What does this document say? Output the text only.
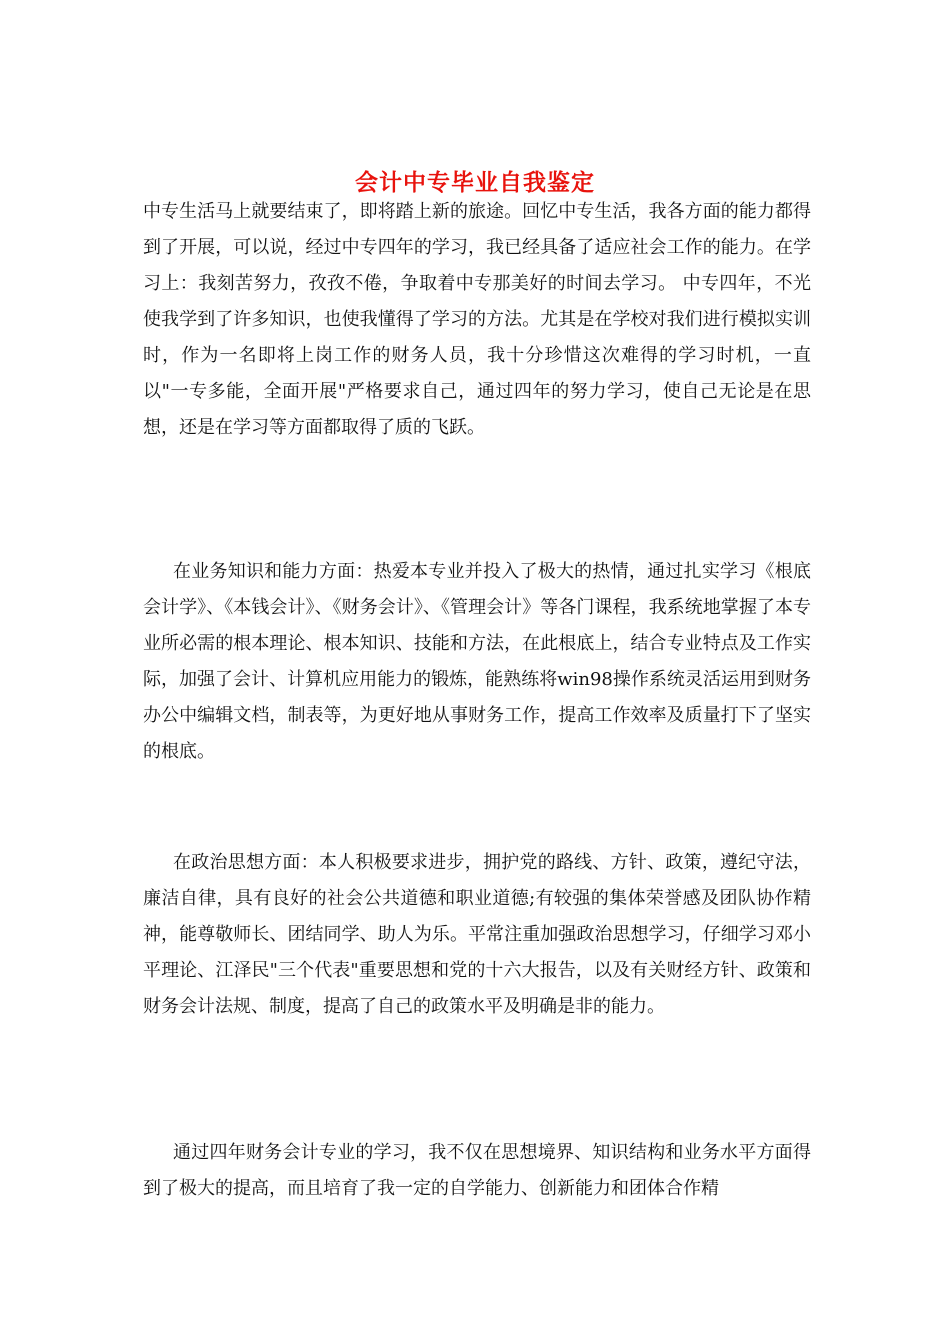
会计中专毕业自我鉴定

中专生活马上就要结束了，即将踏上新的旅途。回忆中专生活，我各方面的能力都得到了开展，可以说，经过中专四年的学习，我已经具备了适应社会工作的能力。在学习上：我刻苦努力，孜孜不倦，争取着中专那美好的时间去学习。 中专四年，不光使我学到了许多知识，也使我懂得了学习的方法。尤其是在学校对我们进行模拟实训时，作为一名即将上岗工作的财务人员，我十分珍惜这次难得的学习时机，一直以"一专多能，全面开展"严格要求自己，通过四年的努力学习，使自己无论是在思想，还是在学习等方面都取得了质的飞跃。

在业务知识和能力方面：热爱本专业并投入了极大的热情，通过扎实学习《根底会计学》、《本钱会计》、《财务会计》、《管理会计》等各门课程，我系统地掌握了本专业所必需的根本理论、根本知识、技能和方法，在此根底上，结合专业特点及工作实际，加强了会计、计算机应用能力的锻炼，能熟练将win98操作系统灵活运用到财务办公中编辑文档，制表等，为更好地从事财务工作，提高工作效率及质量打下了坚实的根底。

在政治思想方面：本人积极要求进步，拥护党的路线、方针、政策，遵纪守法，廉洁自律，具有良好的社会公共道德和职业道德;有较强的集体荣誉感及团队协作精神，能尊敬师长、团结同学、助人为乐。平常注重加强政治思想学习，仔细学习邓小平理论、江泽民"三个代表"重要思想和党的十六大报告，以及有关财经方针、政策和财务会计法规、制度，提高了自己的政策水平及明确是非的能力。

通过四年财务会计专业的学习，我不仅在思想境界、知识结构和业务水平方面得到了极大的提高，而且培育了我一定的自学能力、创新能力和团体合作精
